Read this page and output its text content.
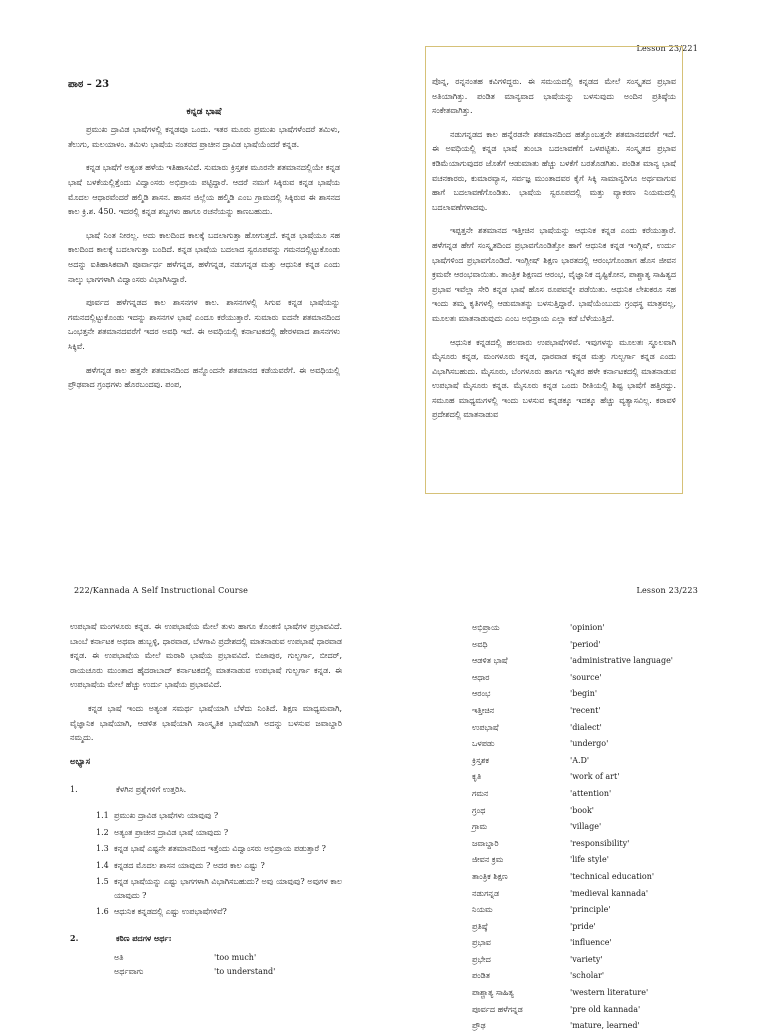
Lesson 23/221
ಪಾಠ – 23
ಕನ್ನಡ ಭಾಷೆ

ಪ್ರಮುಖ ದ್ರಾವಿಡ ಭಾಷೆಗಳಲ್ಲಿ ಕನ್ನಡವೂ ಒಂದು. ಇತರ ಮೂರು ಪ್ರಮುಖ ಭಾಷೆಗಳೆಂದರೆ ತಮಿಳು, ತೆಲುಗು, ಮಲಯಾಳಂ. ತಮಿಳು ಭಾಷೆಯ ನಂತರದ ಪ್ರಾಚೀನ ದ್ರಾವಿಡ ಭಾಷೆಯೆಂದರೆ ಕನ್ನಡ.

ಕನ್ನಡ ಭಾಷೆಗೆ ಅತ್ಯಂತ ಹಳೆಯ ಇತಿಹಾಸವಿದೆ. ಸುಮಾರು ಕ್ರಿಸ್ತಶಕ ಮೂರನೇ ಶತಮಾನದಲ್ಲಿಯೇ ಕನ್ನಡ ಭಾಷೆ ಬಳಕೆಯಲ್ಲಿತ್ತೆಂದು ವಿದ್ವಾಂಸರು ಅಭಿಪ್ರಾಯ ಪಟ್ಟಿದ್ದಾರೆ. ಆದರೆ ನಮಗೆ ಸಿಕ್ಕಿರುವ ಕನ್ನಡ ಭಾಷೆಯ ಮೊದಲ ಆಧಾರವೆಂದರೆ ಹಲ್ಮಿಡಿ ಶಾಸನ. ಹಾಸನ ಜಿಲ್ಲೆಯ ಹಲ್ಮಿಡಿ ಎಂಬ ಗ್ರಾಮದಲ್ಲಿ ಸಿಕ್ಕಿರುವ ಈ ಶಾಸನದ ಕಾಲ ಕ್ರಿ.ಶ. 450. ಇದರಲ್ಲಿ ಕನ್ನಡ ಶಬ್ದಗಳು ಹಾಗೂ ರಚನೆಯನ್ನು ಕಾಣಬಹುದು.

ಭಾಷೆ ನಿಂತ ನೀರಲ್ಲ. ಅದು ಕಾಲದಿಂದ ಕಾಲಕ್ಕೆ ಬದಲಾಗುತ್ತಾ ಹೋಗುತ್ತದೆ. ಕನ್ನಡ ಭಾಷೆಯೂ ಸಹ ಕಾಲದಿಂದ ಕಾಲಕ್ಕೆ ಬದಲಾಗುತ್ತಾ ಬಂದಿದೆ. ಕನ್ನಡ ಭಾಷೆಯ ಬದಲಾದ ಸ್ವರೂಪವನ್ನು ಗಮನದಲ್ಲಿಟ್ಟುಕೊಂಡು ಅದನ್ನು ಐತಿಹಾಸಿಕವಾಗಿ ಪೂರ್ವಾರ್ಧ ಹಳೆಗನ್ನಡ, ಹಳೆಗನ್ನಡ, ನಡುಗನ್ನಡ ಮತ್ತು ಆಧುನಿಕ ಕನ್ನಡ ಎಂದು ನಾಲ್ಕು ಭಾಗಗಳಾಗಿ ವಿದ್ವಾಂಸರು ವಿಭಾಗಿಸಿದ್ದಾರೆ.

ಪೂರ್ವದ ಹಳೆಗನ್ನಡದ ಕಾಲ ಶಾಸನಗಳ ಕಾಲ. ಶಾಸನಗಳಲ್ಲಿ ಸಿಗುವ ಕನ್ನಡ ಭಾಷೆಯನ್ನು ಗಮನದಲ್ಲಿಟ್ಟುಕೊಂಡು ಇದನ್ನು ಶಾಸನಗಳ ಭಾಷೆ ಎಂದೂ ಕರೆಯುತ್ತಾರೆ. ಸುಮಾರು ಐದನೇ ಶತಮಾನದಿಂದ ಒಂಭತ್ತನೇ ಶತಮಾನದವರೆಗೆ ಇದರ ಅವಧಿ ಇದೆ. ಈ ಅವಧಿಯಲ್ಲಿ ಕರ್ನಾಟಕದಲ್ಲಿ ಹೇರಳವಾದ ಶಾಸನಗಳು ಸಿಕ್ಕಿವೆ.

ಹಳೆಗನ್ನಡ ಕಾಲ ಹತ್ತನೇ ಶತಮಾನದಿಂದ ಹನ್ನೊಂದನೇ ಶತಮಾನದ ಕಡೆಯವರೆಗೆ. ಈ ಅವಧಿಯಲ್ಲಿ ಪ್ರೌಢವಾದ ಗ್ರಂಥಗಳು ಹೊರಬಂದವು. ಪಂಪ,

ಪೊನ್ನ, ರನ್ನನಂತಹ ಕವಿಗಳಿದ್ದರು. ಈ ಸಮಯದಲ್ಲಿ ಕನ್ನಡದ ಮೇಲೆ ಸಂಸ್ಕೃತದ ಪ್ರಭಾವ ಅತಿಯಾಗಿತ್ತು. ಪಂಡಿತ ಮಾನ್ಯವಾದ ಭಾಷೆಯನ್ನು ಬಳಸುವುದು ಅಂದಿನ ಪ್ರತಿಷ್ಠೆಯ ಸಂಕೇತವಾಗಿತ್ತು.

ನಡುಗನ್ನಡದ ಕಾಲ ಹನ್ನೆರಡನೇ ಶತಮಾನದಿಂದ ಹತ್ತೊಂಬತ್ತನೇ ಶತಮಾನದವರೆಗೆ ಇದೆ. ಈ ಅವಧಿಯಲ್ಲಿ ಕನ್ನಡ ಭಾಷೆ ತುಂಬಾ ಬದಲಾವಣೆಗೆ ಒಳಪಟ್ಟಿತು. ಸಂಸ್ಕೃತದ ಪ್ರಭಾವ ಕಡಿಮೆಯಾಗುವುದರ ಜೊತೆಗೆ ಆಡುಮಾತು ಹೆಚ್ಚು ಬಳಕೆಗೆ ಬರತೊಡಗಿತು. ಪಂಡಿತ ಮಾನ್ಯ ಭಾಷೆ ವಚನಕಾರರು, ಕುಮಾರವ್ಯಾಸ, ಸರ್ವಜ್ಞ ಮುಂತಾದವರ ಕೈಗೆ ಸಿಕ್ಕಿ ಸಾಮಾನ್ಯರಿಗೂ ಅರ್ಥವಾಗುವ ಹಾಗೆ ಬದಲಾವಣೆಗೊಂಡಿತು. ಭಾಷೆಯ ಸ್ವರೂಪದಲ್ಲಿ ಮತ್ತು ವ್ಯಾಕರಣ ನಿಯಮದಲ್ಲಿ ಬದಲಾವಣೆಗಳಾದವು.

ಇಪ್ಪತ್ತನೇ ಶತಮಾನದ ಇತ್ತೀಚಿನ ಭಾಷೆಯನ್ನು ಆಧುನಿಕ ಕನ್ನಡ ಎಂದು ಕರೆಯುತ್ತಾರೆ. ಹಳೆಗನ್ನಡ ಹೇಗೆ ಸಂಸ್ಕೃತದಿಂದ ಪ್ರಭಾವಗೊಂಡಿತ್ತೋ ಹಾಗೆ ಆಧುನಿಕ ಕನ್ನಡ ಇಂಗ್ಲಿಷ್, ಉರ್ದು ಭಾಷೆಗಳಿಂದ ಪ್ರಭಾವಗೊಂಡಿದೆ. ಇಂಗ್ಲೀಷ್ ಶಿಕ್ಷಣ ಭಾರತದಲ್ಲಿ ಆರಂಭಗೊಂಡಾಗ ಹೊಸ ಜೀವನ ಕ್ರಮವೇ ಆರಂಭವಾಯಿತು. ತಾಂತ್ರಿಕ ಶಿಕ್ಷಣದ ಆರಂಭ, ವೈಜ್ಞಾನಿಕ ದೃಷ್ಟಿಕೋನ, ಪಾಶ್ಚಾತ್ಯ ಸಾಹಿತ್ಯದ ಪ್ರಭಾವ ಇವೆಲ್ಲಾ ಸೇರಿ ಕನ್ನಡ ಭಾಷೆ ಹೊಸ ರೂಪವನ್ನೇ ಪಡೆಯಿತು. ಆಧುನಿಕ ಲೇಖಕರೂ ಸಹ ಇಂದು ತಮ್ಮ ಕೃತಿಗಳಲ್ಲಿ ಆಡುಮಾತನ್ನು ಬಳಸುತ್ತಿದ್ದಾರೆ. ಭಾಷೆಯೆಂಬುದು ಗ್ರಂಥಸ್ಥ ಮಾತ್ರವಲ್ಲ, ಮೂಲತಃ ಮಾತನಾಡುವುದು ಎಂಬ ಅಭಿಪ್ರಾಯ ಎಲ್ಲಾ ಕಡೆ ಬೆಳೆಯುತ್ತಿದೆ.

ಆಧುನಿಕ ಕನ್ನಡದಲ್ಲಿ ಹಲವಾರು ಉಪಭಾಷೆಗಳಿವೆ. ಇವುಗಳನ್ನು ಮೂಲತಃ ಸ್ಥೂಲವಾಗಿ ಮೈಸೂರು ಕನ್ನಡ, ಮಂಗಳೂರು ಕನ್ನಡ, ಧಾರವಾಡ ಕನ್ನಡ ಮತ್ತು ಗುಲ್ಬರ್ಗಾ ಕನ್ನಡ ಎಂದು ವಿಭಾಗಿಸಬಹುದು. ಮೈಸೂರು, ಬೆಂಗಳೂರು ಹಾಗೂ ಇನ್ನಿತರ ಹಳೇ ಕರ್ನಾಟಕದಲ್ಲಿ ಮಾತನಾಡುವ ಉಪಭಾಷೆ ಮೈಸೂರು ಕನ್ನಡ. ಮೈಸೂರು ಕನ್ನಡ ಒಂದು ರೀತಿಯಲ್ಲಿ ಶಿಷ್ಟ ಭಾಷೆಗೆ ಹತ್ತಿರದ್ದು. ಸಮೂಹ ಮಾಧ್ಯಮಗಳಲ್ಲಿ ಇಂದು ಬಳಸುವ ಕನ್ನಡಕ್ಕೂ ಇದಕ್ಕೂ ಹೆಚ್ಚು ವ್ಯತ್ಯಾಸವಿಲ್ಲ. ಕರಾವಳಿ ಪ್ರದೇಶದಲ್ಲಿ ಮಾತನಾಡುವ

222/Kannada A Self Instructional Course	Lesson 23/223

ಉಪಭಾಷೆ ಮಂಗಳೂರು ಕನ್ನಡ. ಈ ಉಪಭಾಷೆಯ ಮೇಲೆ ತುಳು ಹಾಗೂ ಕೊಂಕಣಿ ಭಾಷೆಗಳ ಪ್ರಭಾವವಿದೆ. ಬಾಂಬೆ ಕರ್ನಾಟಕ ಅಥವಾ ಹುಬ್ಬಳ್ಳಿ, ಧಾರವಾಡ, ಬೆಳಗಾವಿ ಪ್ರದೇಶದಲ್ಲಿ ಮಾತನಾಡುವ ಉಪಭಾಷೆ ಧಾರವಾಡ ಕನ್ನಡ. ಈ ಉಪಭಾಷೆಯ ಮೇಲೆ ಮರಾಠಿ ಭಾಷೆಯ ಪ್ರಭಾವವಿದೆ. ಬಿಜಾಪುರ, ಗುಲ್ಬರ್ಗಾ, ಬೀದರ್, ರಾಯಚೂರು ಮುಂತಾದ ಹೈದರಾಬಾದ್ ಕರ್ನಾಟಕದಲ್ಲಿ ಮಾತನಾಡುವ ಉಪಭಾಷೆ ಗುಲ್ಬರ್ಗಾ ಕನ್ನಡ. ಈ ಉಪಭಾಷೆಯ ಮೇಲೆ ಹೆಚ್ಚು ಉರ್ದು ಭಾಷೆಯ ಪ್ರಭಾವವಿದೆ.

ಕನ್ನಡ ಭಾಷೆ ಇಂದು ಅತ್ಯಂತ ಸಮರ್ಥ ಭಾಷೆಯಾಗಿ ಬೆಳೆದು ನಿಂತಿದೆ. ಶಿಕ್ಷಣ ಮಾಧ್ಯಮವಾಗಿ, ವೈಜ್ಞಾನಿಕ ಭಾಷೆಯಾಗಿ, ಆಡಳಿತ ಭಾಷೆಯಾಗಿ ಸಾಂಸ್ಕೃತಿಕ ಭಾಷೆಯಾಗಿ ಅದನ್ನು ಬಳಸುವ ಜವಾಬ್ದಾರಿ ನಮ್ಮದು.

ಅಭ್ಯಾಸ
1.	ಕೆಳಗಿನ ಪ್ರಶ್ನೆಗಳಿಗೆ ಉತ್ತರಿಸಿ.
1.1 ಪ್ರಮುಖ ದ್ರಾವಿಡ ಭಾಷೆಗಳು ಯಾವುವು ?
1.2 ಅತ್ಯಂತ ಪ್ರಾಚೀನ ದ್ರಾವಿಡ ಭಾಷೆ ಯಾವುದು ?
1.3 ಕನ್ನಡ ಭಾಷೆ ಎಷ್ಟನೇ ಶತಮಾನದಿಂದ ಇತ್ತೆಂದು ವಿದ್ವಾಂಸರು ಅಭಿಪ್ರಾಯ ಪಡುತ್ತಾರೆ ?
1.4 ಕನ್ನಡದ ಮೊದಲ ಶಾಸನ ಯಾವುದು ? ಅದರ ಕಾಲ ಎಷ್ಟು ?
1.5 ಕನ್ನಡ ಭಾಷೆಯನ್ನು ಎಷ್ಟು ಭಾಗಗಳಾಗಿ ವಿಭಾಗಿಸಬಹುದು? ಅವು ಯಾವುವು? ಅವುಗಳ ಕಾಲ ಯಾವುದು ?
1.6 ಆಧುನಿಕ ಕನ್ನಡದಲ್ಲಿ ಎಷ್ಟು ಉಪಭಾಷೆಗಳಿವೆ?
2.	ಕಠಿಣ ಪದಗಳ ಅರ್ಥ:
ಅತಿ	'too much'
ಅರ್ಥವಾಗು	'to understand'
ಅಭಿಪ್ರಾಯ	'opinion'
ಅವಧಿ	'period'
ಆಡಳಿತ ಭಾಷೆ	'administrative language'
ಆಧಾರ	'source'
ಆರಂಭ	'begin'
ಇತ್ತೀಚಿನ	'recent'
ಉಪಭಾಷೆ	'dialect'
ಒಳಪಡು	'undergo'
ಕ್ರಿಸ್ತಶಕ	'A.D'
ಕೃತಿ	'work of art'
ಗಮನ	'attention'
ಗ್ರಂಥ	'book'
ಗ್ರಾಮ	'village'
ಜವಾಬ್ದಾರಿ	'responsibility'
ಜೀವನ ಕ್ರಮ	'life style'
ತಾಂತ್ರಿಕ ಶಿಕ್ಷಣ	'technical education'
ನಡುಗನ್ನಡ	'medieval kannada'
ನಿಯಮ	'principle'
ಪ್ರತಿಷ್ಠೆ	'pride'
ಪ್ರಭಾವ	'influence'
ಪ್ರಭೇದ	'variety'
ಪಂಡಿತ	'scholar'
ಪಾಶ್ಚಾತ್ಯ ಸಾಹಿತ್ಯ	'western literature'
ಪೂರ್ವದ ಹಳೆಗನ್ನಡ	'pre old kannada'
ಪ್ರೌಢ	'mature, learned'
